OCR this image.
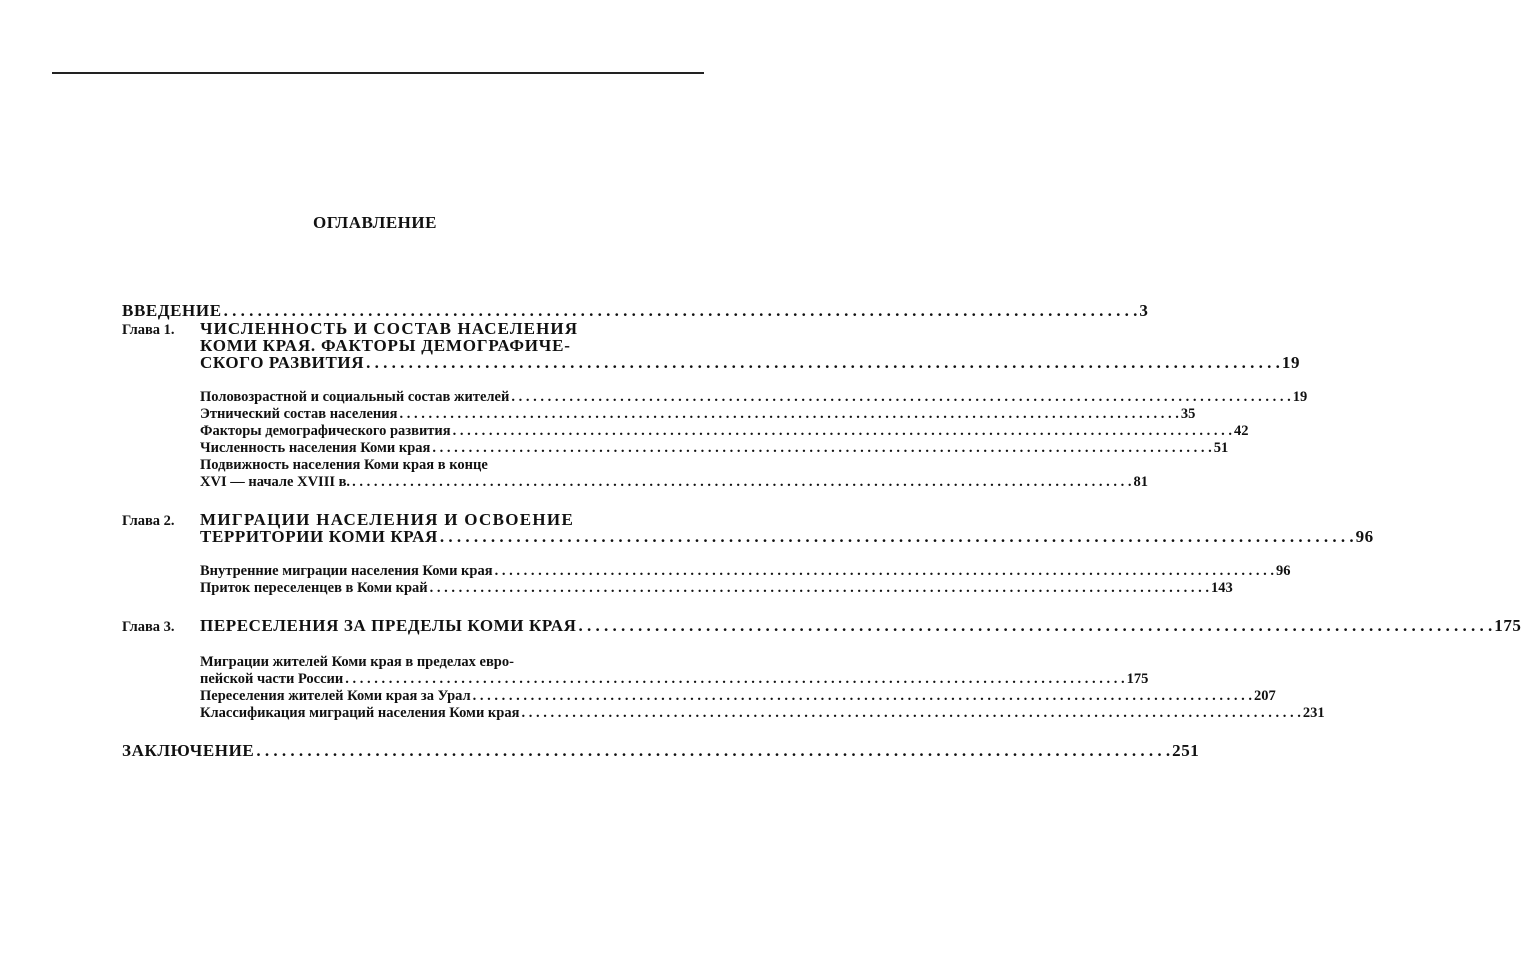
ОГЛАВЛЕНИЕ
ВВЕДЕНИЕ . . .	3
Глава 1.	ЧИСЛЕННОСТЬ И СОСТАВ НАСЕЛЕНИЯ
КОМИ КРАЯ. ФАКТОРЫ ДЕМОГРАФИЧЕ-
СКОГО РАЗВИТИЯ . . .	19
Половозрастной и социальный состав жителей . . .	19
Этнический состав населения . . .	35
Факторы демографического развития . . .	42
Численность населения Коми края . . .	51
Подвижность населения Коми края в конце
XVI — начале XVIII в. . . .	81
Глава 2.	МИГРАЦИИ НАСЕЛЕНИЯ И ОСВОЕНИЕ
ТЕРРИТОРИИ КОМИ КРАЯ . . .	96
Внутренние миграции населения Коми края . . .	96
Приток переселенцев в Коми край . . .	143
Глава 3.	ПЕРЕСЕЛЕНИЯ ЗА ПРЕДЕЛЫ КОМИ КРАЯ . . .	175
Миграции жителей Коми края в пределах евро-
пейской части России . . .	175
Переселения жителей Коми края за Урал . . .	207
Классификация миграций населения Коми края . . .	231
ЗАКЛЮЧЕНИЕ . . .	251
